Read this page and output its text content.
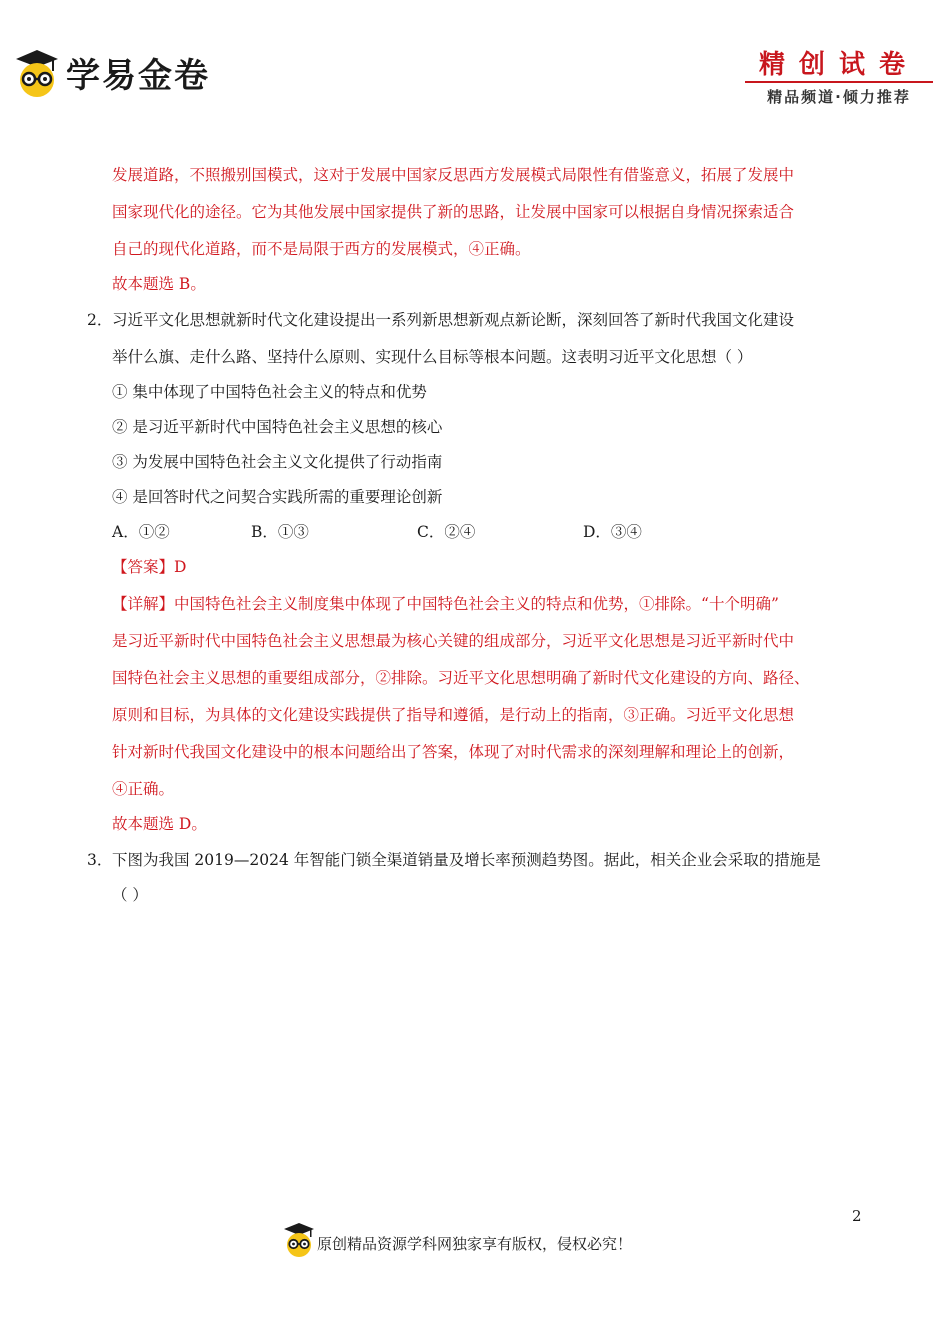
学易金卷	精创试卷
精品频道·倾力推荐
发展道路，不照搬别国模式，这对于发展中国家反思西方发展模式局限性有借鉴意义，拓展了发展中
国家现代化的途径。它为其他发展中国家提供了新的思路，让发展中国家可以根据自身情况探索适合
自己的现代化道路，而不是局限于西方的发展模式，④正确。
故本题选 B。
2． 习近平文化思想就新时代文化建设提出一系列新思想新观点新论断，深刻回答了新时代我国文化建设
举什么旗、走什么路、坚持什么原则、实现什么目标等根本问题。这表明习近平文化思想（ ）
① 集中体现了中国特色社会主义的特点和优势
② 是习近平新时代中国特色社会主义思想的核心
③ 为发展中国特色社会主义文化提供了行动指南
④ 是回答时代之问契合实践所需的重要理论创新
A．①②	B．①③	C．②④	D．③④
【答案】D
【详解】中国特色社会主义制度集中体现了中国特色社会主义的特点和优势，①排除。“十个明确”
是习近平新时代中国特色社会主义思想最为核心关键的组成部分，习近平文化思想是习近平新时代中
国特色社会主义思想的重要组成部分，②排除。习近平文化思想明确了新时代文化建设的方向、路径、
原则和目标，为具体的文化建设实践提供了指导和遵循，是行动上的指南，③正确。习近平文化思想
针对新时代我国文化建设中的根本问题给出了答案，体现了对时代需求的深刻理解和理论上的创新，
④正确。
故本题选 D。
3． 下图为我国 2019—2024 年智能门锁全渠道销量及增长率预测趋势图。据此，相关企业会采取的措施是
（ ）
2
原创精品资源学科网独家享有版权，侵权必究！
